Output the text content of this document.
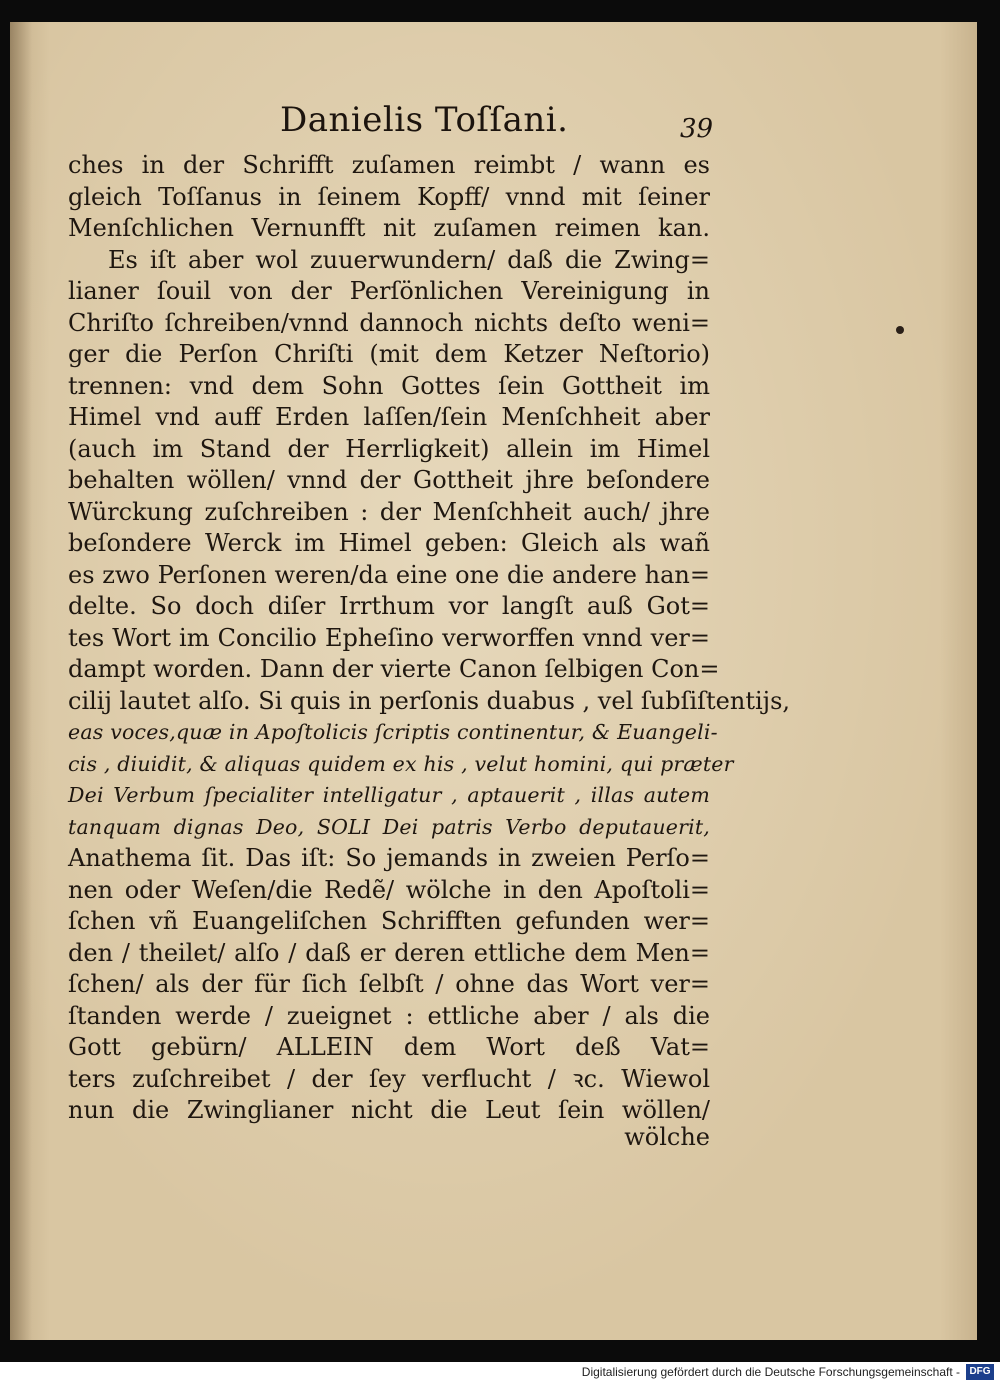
Danielis Toſſani.	39
ches in der Schrifft zuſamen reimbt / wann es
gleich Toſſanus in ſeinem Kopff/ vnnd mit ſeiner
Menſchlichen Vernunfft nit zuſamen reimen kan.
Es iſt aber wol zuuerwundern/ daß die Zwing=
lianer ſouil von der Perſönlichen Vereinigung in
Chriſto ſchreiben/vnnd dannoch nichts deſto weni=
ger die Perſon Chriſti (mit dem Ketzer Neſtorio)
trennen: vnd dem Sohn Gottes ſein Gottheit im
Himel vnd auff Erden laſſen/ſein Menſchheit aber
(auch im Stand der Herrligkeit) allein im Himel
behalten wöllen/ vnnd der Gottheit jhre beſondere
Würckung zuſchreiben : der Menſchheit auch/ jhre
beſondere Werck im Himel geben: Gleich als wañ
es zwo Perſonen weren/da eine one die andere han=
delte. So doch diſer Irrthum vor langſt auß Got=
tes Wort im Concilio Epheſino verworffen vnnd ver=
dampt worden. Dann der vierte Canon ſelbigen Con=
cilij lautet alſo. Si quis in perſonis duabus , vel ſubſiſtentijs,
eas voces,quæ in Apoſtolicis ſcriptis continentur, & Euangeli-
cis , diuidit, & aliquas quidem ex his , velut homini, qui præter
Dei Verbum ſpecialiter intelligatur , aptauerit , illas autem
tanquam dignas Deo, SOLI Dei patris Verbo deputauerit,
Anathema ſit. Das iſt: So jemands in zweien Perſo=
nen oder Weſen/die Redẽ/ wölche in den Apoſtoli=
ſchen vñ Euangeliſchen Schrifften gefunden wer=
den / theilet/ alſo / daß er deren ettliche dem Men=
ſchen/ als der für ſich ſelbſt / ohne das Wort ver=
ſtanden werde / zueignet : ettliche aber / als die
Gott gebürn/ ALLEIN dem Wort deß Vat=
ters zuſchreibet / der ſey verflucht / ꝛc. Wiewol
nun die Zwinglianer nicht die Leut ſein wöllen/
wölche
Digitalisierung gefördert durch die Deutsche Forschungsgemeinschaft - DFG
